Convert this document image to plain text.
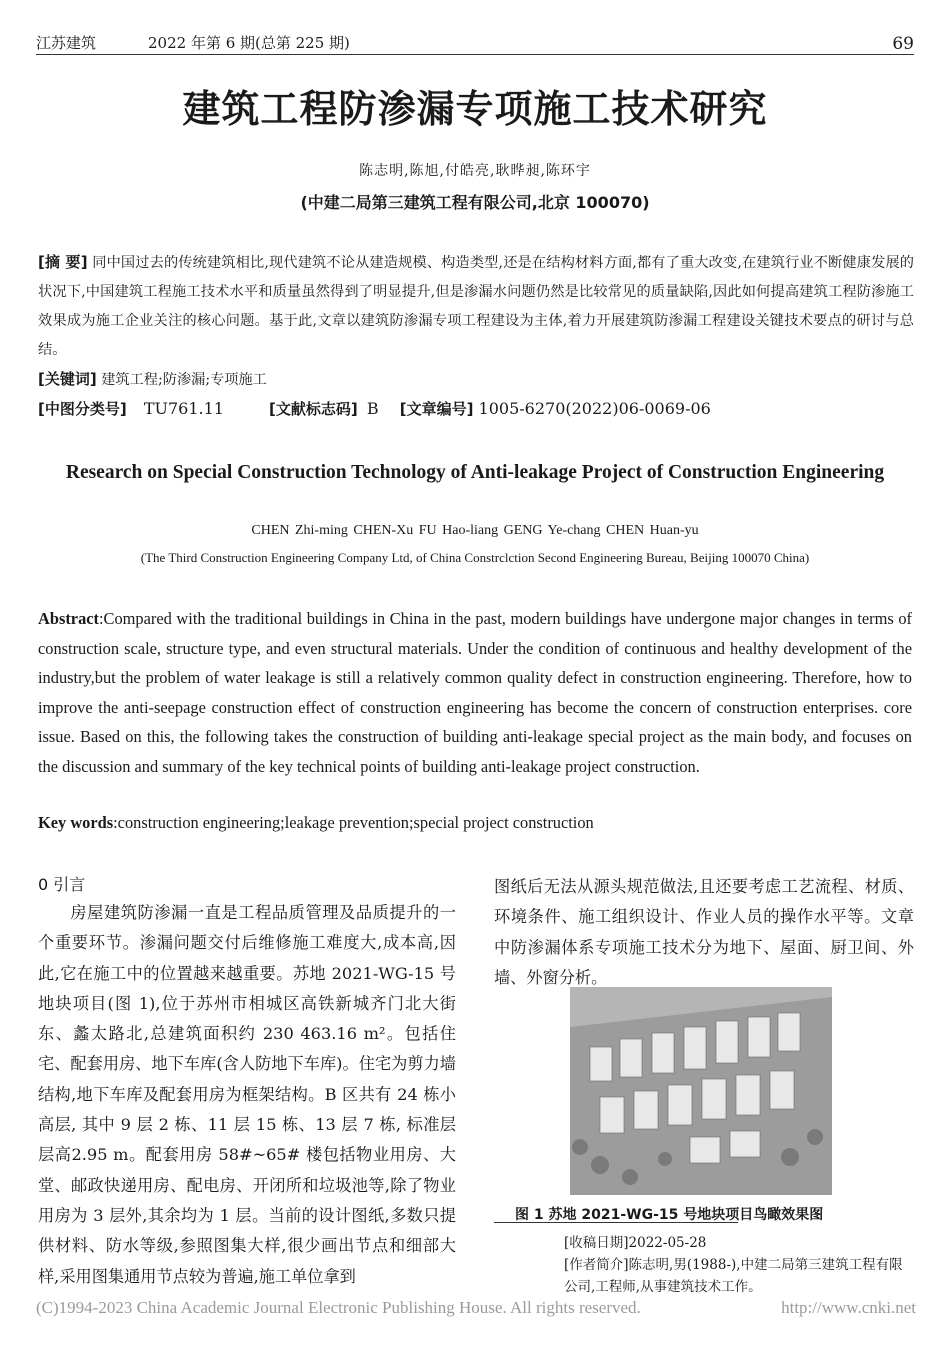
江苏建筑	2022 年第 6 期(总第 225 期)	69
建筑工程防渗漏专项施工技术研究
陈志明,陈旭,付皓亮,耿晔昶,陈环宇
(中建二局第三建筑工程有限公司,北京 100070)
[摘 要] 同中国过去的传统建筑相比,现代建筑不论从建造规模、构造类型,还是在结构材料方面,都有了重大改变,在建筑行业不断健康发展的状况下,中国建筑工程施工技术水平和质量虽然得到了明显提升,但是渗漏水问题仍然是比较常见的质量缺陷,因此如何提高建筑工程防渗施工效果成为施工企业关注的核心问题。基于此,文章以建筑防渗漏专项工程建设为主体,着力开展建筑防渗漏工程建设关键技术要点的研讨与总结。
[关键词] 建筑工程;防渗漏;专项施工
[中图分类号] TU761.11	[文献标志码] B [文章编号] 1005-6270(2022)06-0069-06
Research on Special Construction Technology of Anti-leakage Project of Construction Engineering
CHEN Zhi-ming CHEN-Xu FU Hao-liang GENG Ye-chang CHEN Huan-yu
(The Third Construction Engineering Company Ltd, of China Constrclction Second Engineering Bureau, Beijing 100070 China)
Abstract:Compared with the traditional buildings in China in the past, modern buildings have undergone major changes in terms of construction scale, structure type, and even structural materials. Under the condition of continuous and healthy development of the industry,but the problem of water leakage is still a relatively common quality defect in construction engineering. Therefore, how to improve the anti-seepage construction effect of construction engineering has become the concern of construction enterprises. core issue. Based on this, the following takes the construction of building anti-leakage special project as the main body, and focuses on the discussion and summary of the key technical points of building anti-leakage project construction.
Key words:construction engineering;leakage prevention;special project construction
0 引言

房屋建筑防渗漏一直是工程品质管理及品质提升的一个重要环节。渗漏问题交付后维修施工难度大,成本高,因此,它在施工中的位置越来越重要。苏地 2021-WG-15 号地块项目(图 1),位于苏州市相城区高铁新城齐门北大街东、蠡太路北,总建筑面积约 230 463.16 m²。包括住宅、配套用房、地下车库(含人防地下车库)。住宅为剪力墙结构,地下车库及配套用房为框架结构。B 区共有 24 栋小高层, 其中 9 层 2 栋、11 层 15 栋、13 层 7 栋, 标准层层高2.95 m。配套用房 58#~65# 楼包括物业用房、大堂、邮政快递用房、配电房、开闭所和垃圾池等,除了物业用房为 3 层外,其余均为 1 层。当前的设计图纸,多数只提供材料、防水等级,参照图集大样,很少画出节点和细部大样,采用图集通用节点较为普遍,施工单位拿到

图纸后无法从源头规范做法,且还要考虑工艺流程、材质、环境条件、施工组织设计、作业人员的操作水平等。文章中防渗漏体系专项施工技术分为地下、屋面、厨卫间、外墙、外窗分析。
图 1 苏地 2021-WG-15 号地块项目鸟瞰效果图
[收稿日期]2022-05-28
[作者简介]陈志明,男(1988-),中建二局第三建筑工程有限公司,工程师,从事建筑技术工作。
(C)1994-2023 China Academic Journal Electronic Publishing House. All rights reserved.	http://www.cnki.net
